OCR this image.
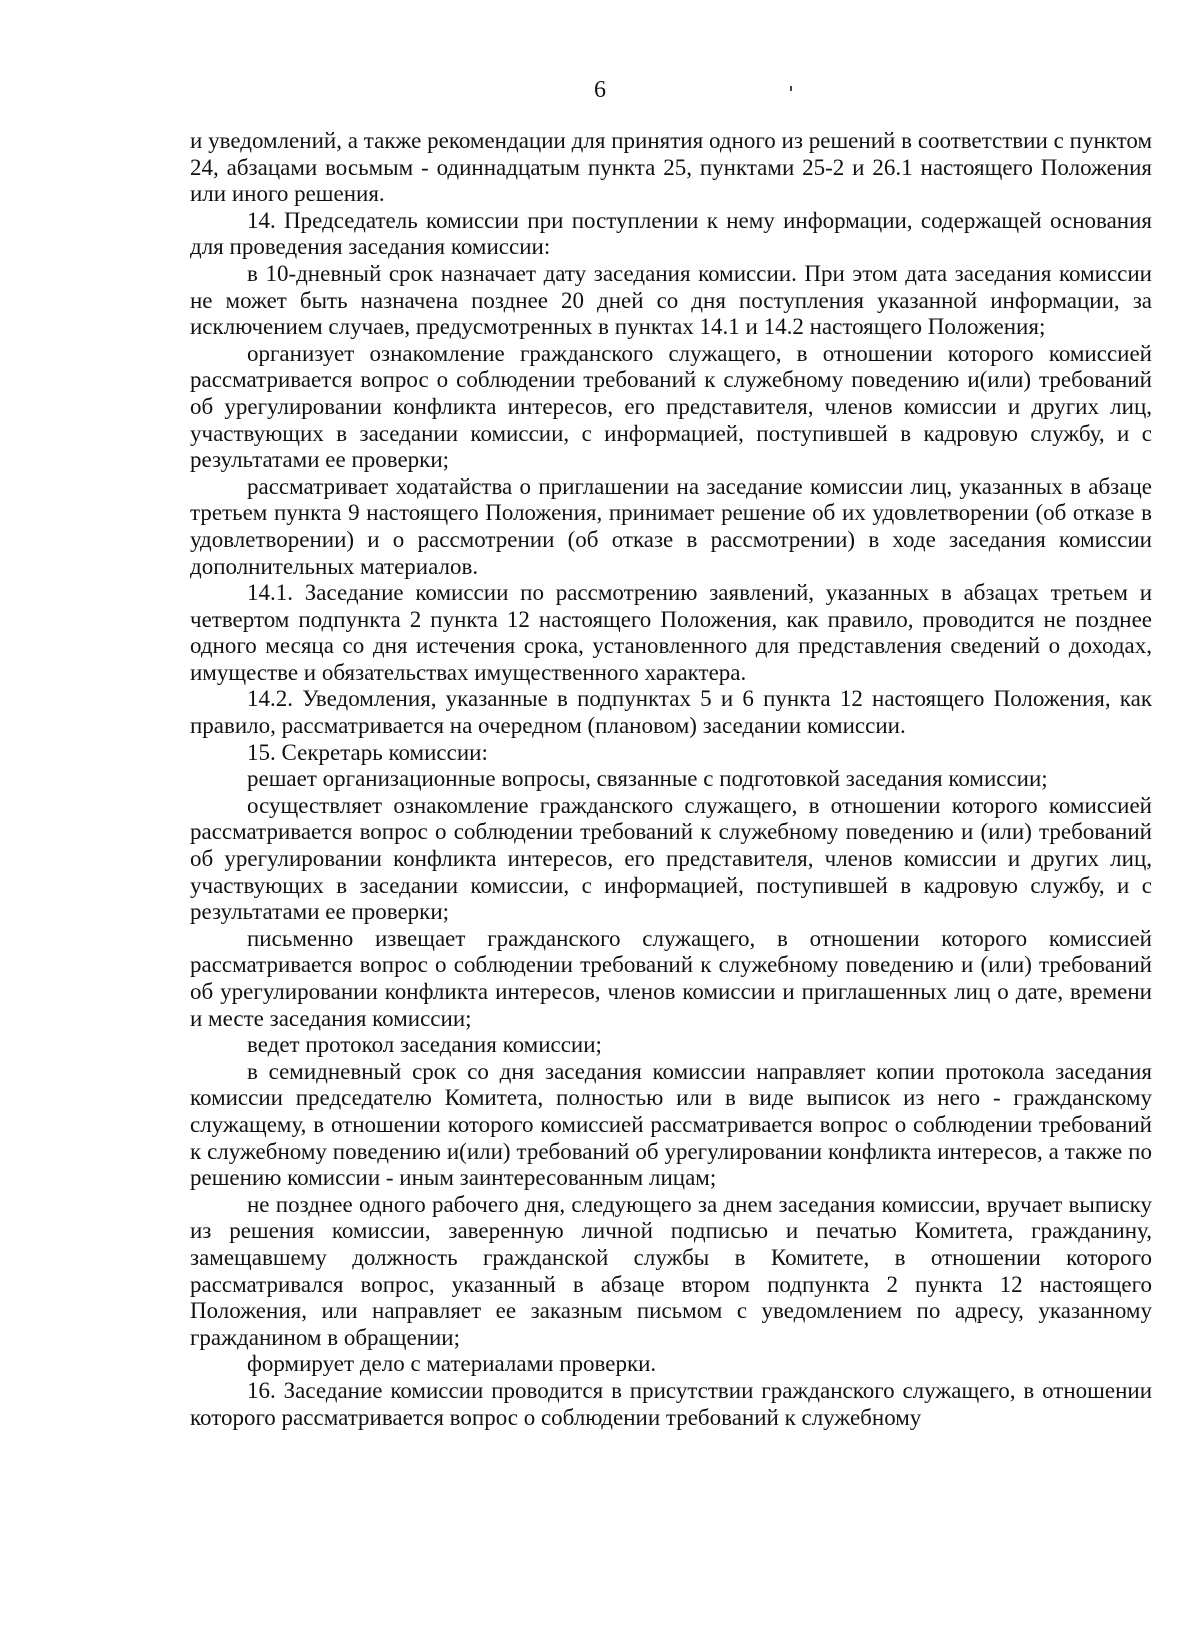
6

и уведомлений, а также рекомендации для принятия одного из решений в соответствии с пунктом 24, абзацами восьмым - одиннадцатым пункта 25, пунктами 25-2 и 26.1 настоящего Положения или иного решения.

14. Председатель комиссии при поступлении к нему информации, содержащей основания для проведения заседания комиссии:

в 10-дневный срок назначает дату заседания комиссии. При этом дата заседания комиссии не может быть назначена позднее 20 дней со дня поступления указанной информации, за исключением случаев, предусмотренных в пунктах 14.1 и 14.2 настоящего Положения;

организует ознакомление гражданского служащего, в отношении которого комиссией рассматривается вопрос о соблюдении требований к служебному поведению и(или) требований об урегулировании конфликта интересов, его представителя, членов комиссии и других лиц, участвующих в заседании комиссии, с информацией, поступившей в кадровую службу, и с результатами ее проверки;

рассматривает ходатайства о приглашении на заседание комиссии лиц, указанных в абзаце третьем пункта 9 настоящего Положения, принимает решение об их удовлетворении (об отказе в удовлетворении) и о рассмотрении (об отказе в рассмотрении) в ходе заседания комиссии дополнительных материалов.

14.1. Заседание комиссии по рассмотрению заявлений, указанных в абзацах третьем и четвертом подпункта 2 пункта 12 настоящего Положения, как правило, проводится не позднее одного месяца со дня истечения срока, установленного для представления сведений о доходах, имуществе и обязательствах имущественного характера.

14.2. Уведомления, указанные в подпунктах 5 и 6 пункта 12 настоящего Положения, как правило, рассматривается на очередном (плановом) заседании комиссии.

15. Секретарь комиссии:

решает организационные вопросы, связанные с подготовкой заседания комиссии;

осуществляет ознакомление гражданского служащего, в отношении которого комиссией рассматривается вопрос о соблюдении требований к служебному поведению и (или) требований об урегулировании конфликта интересов, его представителя, членов комиссии и других лиц, участвующих в заседании комиссии, с информацией, поступившей в кадровую службу, и с результатами ее проверки;

письменно извещает гражданского служащего, в отношении которого комиссией рассматривается вопрос о соблюдении требований к служебному поведению и (или) требований об урегулировании конфликта интересов, членов комиссии и приглашенных лиц о дате, времени и месте заседания комиссии;

ведет протокол заседания комиссии;

в семидневный срок со дня заседания комиссии направляет копии протокола заседания комиссии председателю Комитета, полностью или в виде выписок из него - гражданскому служащему, в отношении которого комиссией рассматривается вопрос о соблюдении требований к служебному поведению и(или) требований об урегулировании конфликта интересов, а также по решению комиссии - иным заинтересованным лицам;

не позднее одного рабочего дня, следующего за днем заседания комиссии, вручает выписку из решения комиссии, заверенную личной подписью и печатью Комитета, гражданину, замещавшему должность гражданской службы в Комитете, в отношении которого рассматривался вопрос, указанный в абзаце втором подпункта 2 пункта 12 настоящего Положения, или направляет ее заказным письмом с уведомлением по адресу, указанному гражданином в обращении;

формирует дело с материалами проверки.

16. Заседание комиссии проводится в присутствии гражданского служащего, в отношении которого рассматривается вопрос о соблюдении требований к служебному
